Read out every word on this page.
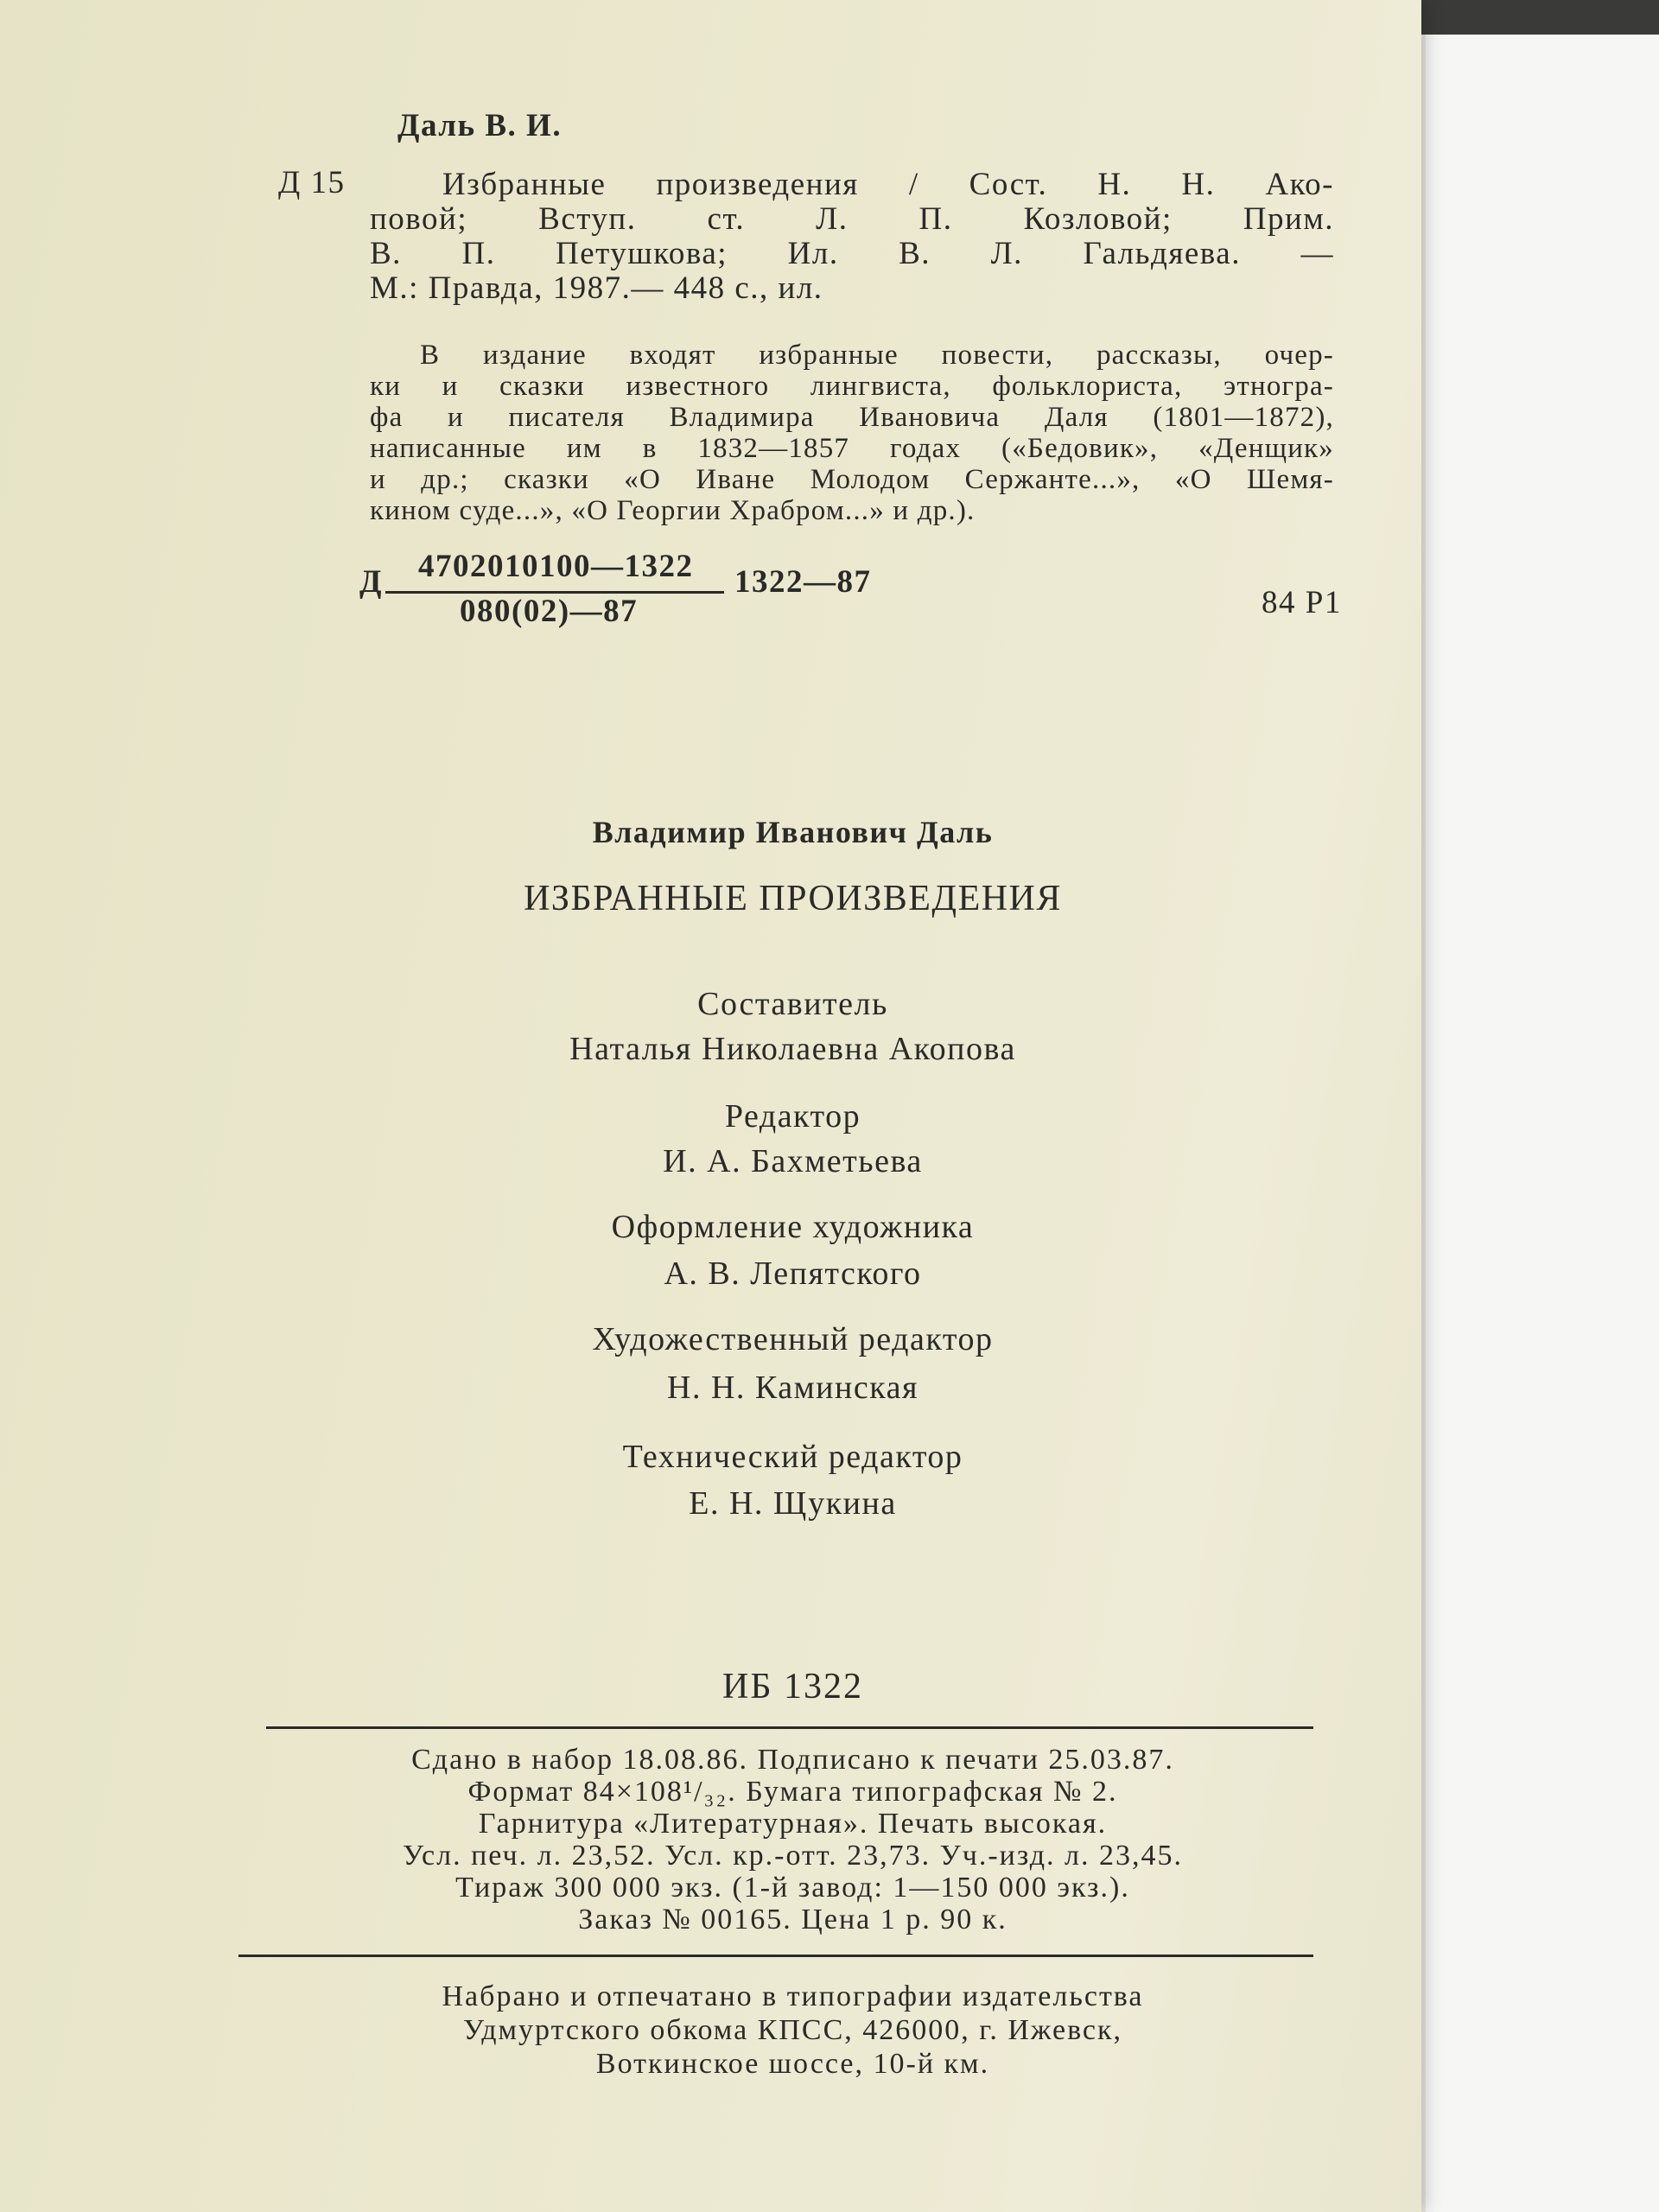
Даль В. И.
Д 15	Избранные произведения / Сост. Н. Н. Ако-
повой; Вступ. ст. Л. П. Козловой; Прим.
В. П. Петушкова; Ил. В. Л. Гальдяева. —
М.: Правда, 1987.— 448 с., ил.
В издание входят избранные повести, рассказы, очер-
ки и сказки известного лингвиста, фольклориста, этногра-
фа и писателя Владимира Ивановича Даля (1801—1872),
написанные им в 1832—1857 годах («Бедовик», «Денщик»
и др.; сказки «О Иване Молодом Сержанте...», «О Шемя-
кином суде...», «О Георгии Храбром...» и др.).
Д 4702010100—1322
080(02)—87
1322—87
84 Р1
Владимир Иванович Даль
ИЗБРАННЫЕ ПРОИЗВЕДЕНИЯ
Составитель
Наталья Николаевна Акопова
Редактор
И. А. Бахметьева
Оформление художника
А. В. Лепятского
Художественный редактор
Н. Н. Каминская
Технический редактор
Е. Н. Щукина
ИБ 1322
Сдано в набор 18.08.86. Подписано к печати 25.03.87.
Формат 84×108¹/₃₂. Бумага типографская № 2.
Гарнитура «Литературная». Печать высокая.
Усл. печ. л. 23,52. Усл. кр.-отт. 23,73. Уч.-изд. л. 23,45.
Тираж 300 000 экз. (1-й завод: 1—150 000 экз.).
Заказ № 00165. Цена 1 р. 90 к.
Набрано и отпечатано в типографии издательства
Удмуртского обкома КПСС, 426000, г. Ижевск,
Воткинское шоссе, 10-й км.
